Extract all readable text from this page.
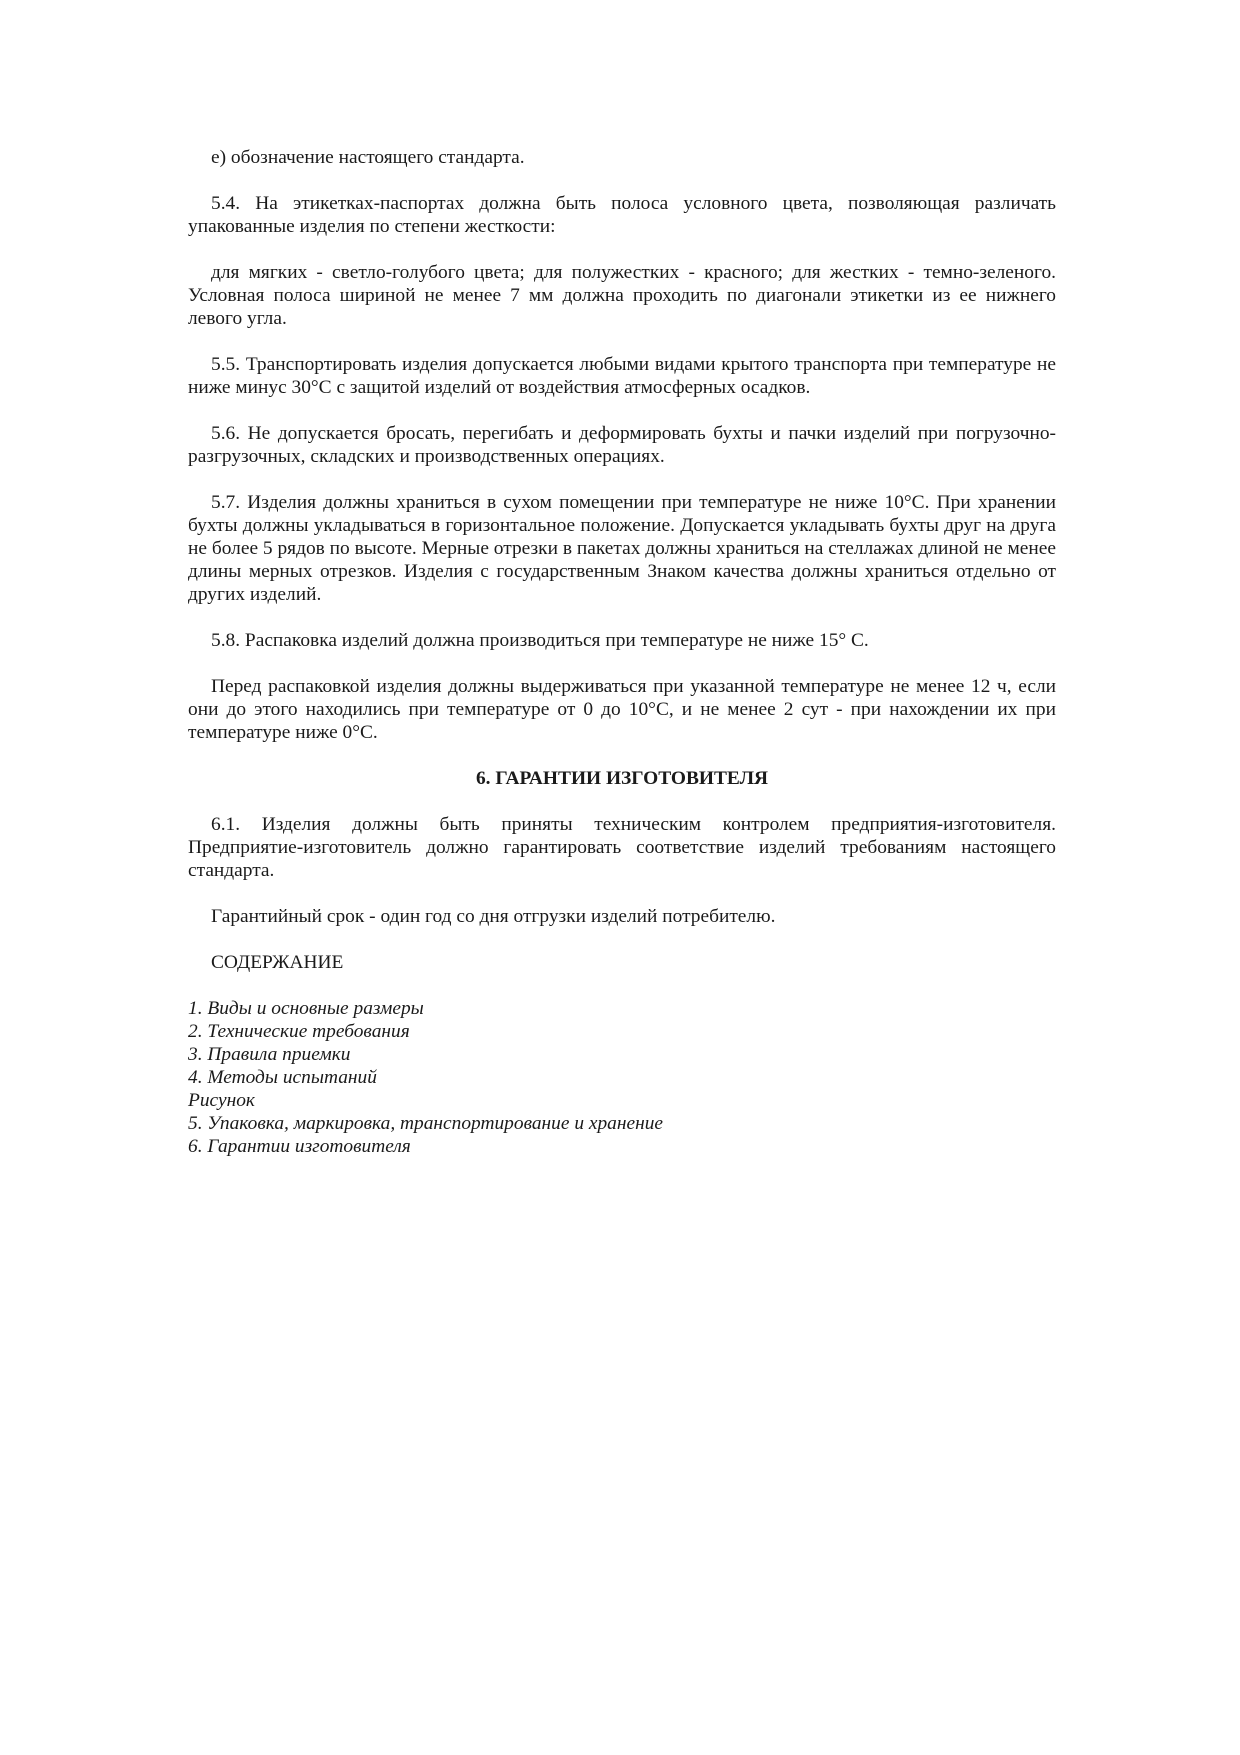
е) обозначение настоящего стандарта.

5.4. На этикетках-паспортах должна быть полоса условного цвета, позволяющая различать упакованные изделия по степени жесткости:

для мягких - светло-голубого цвета; для полужестких - красного; для жестких - темно-зеленого. Условная полоса шириной не менее 7 мм должна проходить по диагонали этикетки из ее нижнего левого угла.

5.5. Транспортировать изделия допускается любыми видами крытого транспорта при температуре не ниже минус 30°С с защитой изделий от воздействия атмосферных осадков.

5.6. Не допускается бросать, перегибать и деформировать бухты и пачки изделий при погрузочно-разгрузочных, складских и производственных операциях.

5.7. Изделия должны храниться в сухом помещении при температуре не ниже 10°С. При хранении бухты должны укладываться в горизонтальное положение. Допускается укладывать бухты друг на друга не более 5 рядов по высоте. Мерные отрезки в пакетах должны храниться на стеллажах длиной не менее длины мерных отрезков. Изделия с государственным Знаком качества должны храниться отдельно от других изделий.

5.8. Распаковка изделий должна производиться при температуре не ниже 15° С.

Перед распаковкой изделия должны выдерживаться при указанной температуре не менее 12 ч, если они до этого находились при температуре от 0 до 10°С, и не менее 2 сут - при нахождении их при температуре ниже 0°С.

6. ГАРАНТИИ ИЗГОТОВИТЕЛЯ

6.1. Изделия должны быть приняты техническим контролем предприятия-изготовителя. Предприятие-изготовитель должно гарантировать соответствие изделий требованиям настоящего стандарта.

Гарантийный срок - один год со дня отгрузки изделий потребителю.

СОДЕРЖАНИЕ

1. Виды и основные размеры
2. Технические требования
3. Правила приемки
4. Методы испытаний
Рисунок
5. Упаковка, маркировка, транспортирование и хранение
6. Гарантии изготовителя
